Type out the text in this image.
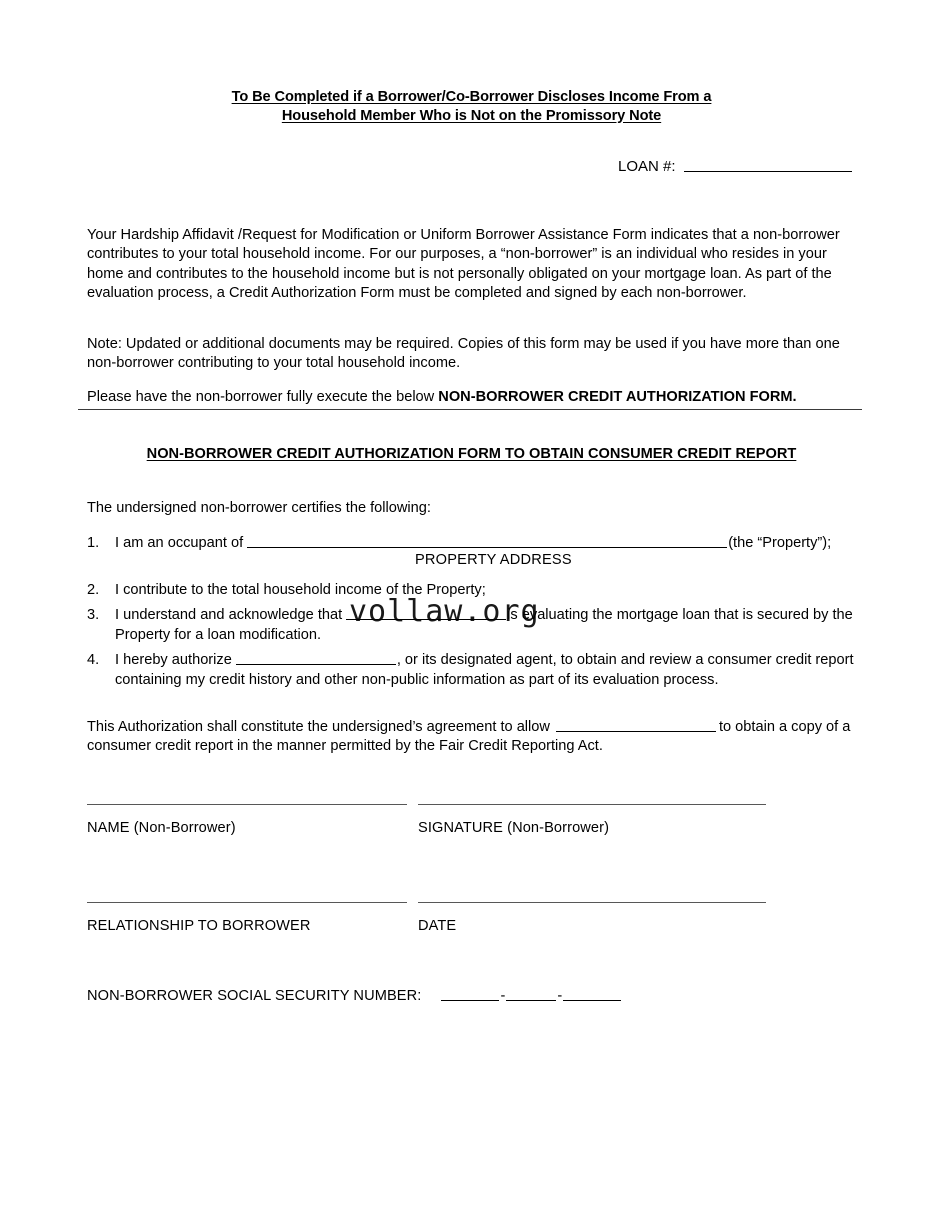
To Be Completed if a Borrower/Co-Borrower Discloses Income From a
Household Member Who is Not on the Promissory Note
LOAN #:

Your Hardship Affidavit /Request for Modification or Uniform Borrower Assistance Form indicates that a non-borrower contributes to your total household income. For our purposes, a “non-borrower” is an individual who resides in your home and contributes to the household income but is not personally obligated on your mortgage loan. As part of the evaluation process, a Credit Authorization Form must be completed and signed by each non-borrower.

Note: Updated or additional documents may be required. Copies of this form may be used if you have more than one non-borrower contributing to your total household income.

Please have the non-borrower fully execute the below NON-BORROWER CREDIT AUTHORIZATION FORM.

NON-BORROWER CREDIT AUTHORIZATION FORM TO OBTAIN CONSUMER CREDIT REPORT
The undersigned non-borrower certifies the following:
1.	I am an occupant of	(the “Property”);
PROPERTY ADDRESS
2.	I contribute to the total household income of the Property;
3.	I understand and acknowledge that	is evaluating the mortgage loan that is secured by the Property for a loan modification.
4.	I hereby authorize	, or its designated agent, to obtain and review a consumer credit report containing my credit history and other non-public information as part of its evaluation process.

This Authorization shall constitute the undersigned’s agreement to allow	to obtain a copy of a consumer credit report in the manner permitted by the Fair Credit Reporting Act.

NAME (Non-Borrower)	SIGNATURE (Non-Borrower)
RELATIONSHIP TO BORROWER	DATE
NON-BORROWER SOCIAL SECURITY NUMBER:	-	-
vollaw.org
